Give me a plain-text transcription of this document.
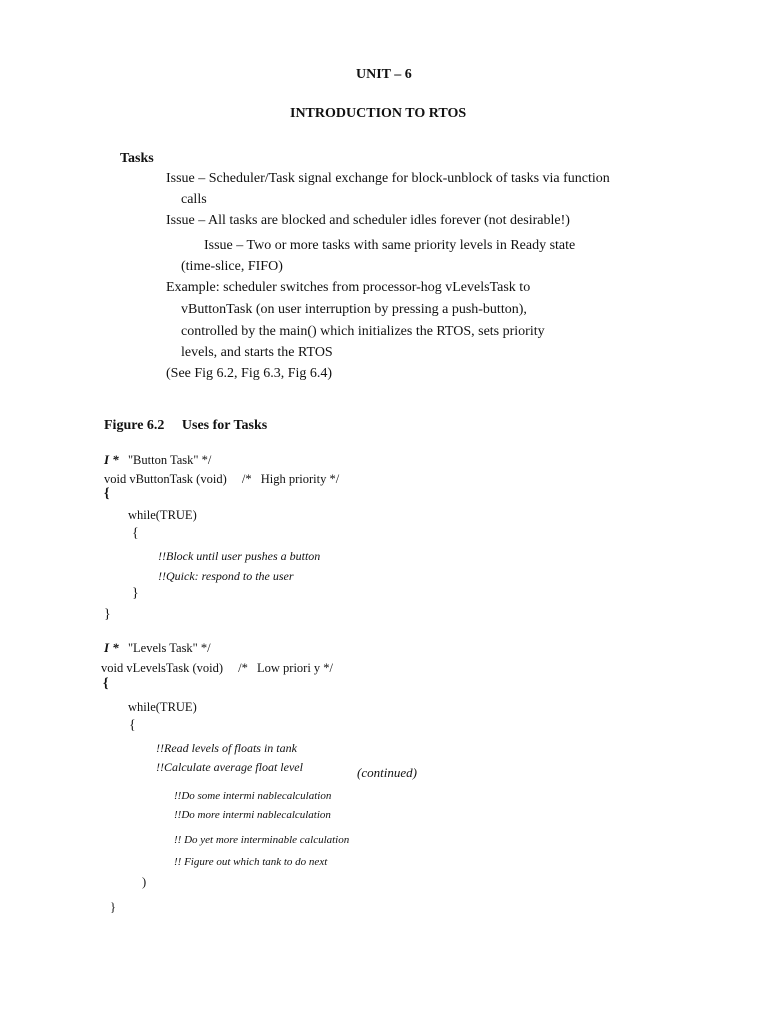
UNIT – 6
INTRODUCTION TO RTOS
Tasks
Issue – Scheduler/Task signal exchange for block-unblock of tasks via function
calls
Issue – All tasks are blocked and scheduler idles forever (not desirable!)
Issue – Two or more tasks with same priority levels in Ready state
(time-slice, FIFO)
Example: scheduler switches from processor-hog vLevelsTask to
vButtonTask (on user interruption by pressing a push-button),
controlled by the main() which initializes the RTOS, sets priority
levels, and starts the RTOS
(See Fig 6.2, Fig 6.3, Fig 6.4)
Figure 6.2 Uses for Tasks
I * "Button Task" */
void vButtonTask (void) /* High priority */
{
while(TRUE)
{
!!Block until user pushes a button
!!Quick: respond to the user
}
}
I * "Levels Task" */
void vLevelsTask (void) /* Low priori y */
{
while(TRUE)
{
!!Read levels of floats in tank
!!Calculate average float level	(continued)
!!Do some intermi nablecalculation
!!Do more intermi nablecalculation
!! Do yet more interminable calculation
!! Figure out which tank to do next
)
}
